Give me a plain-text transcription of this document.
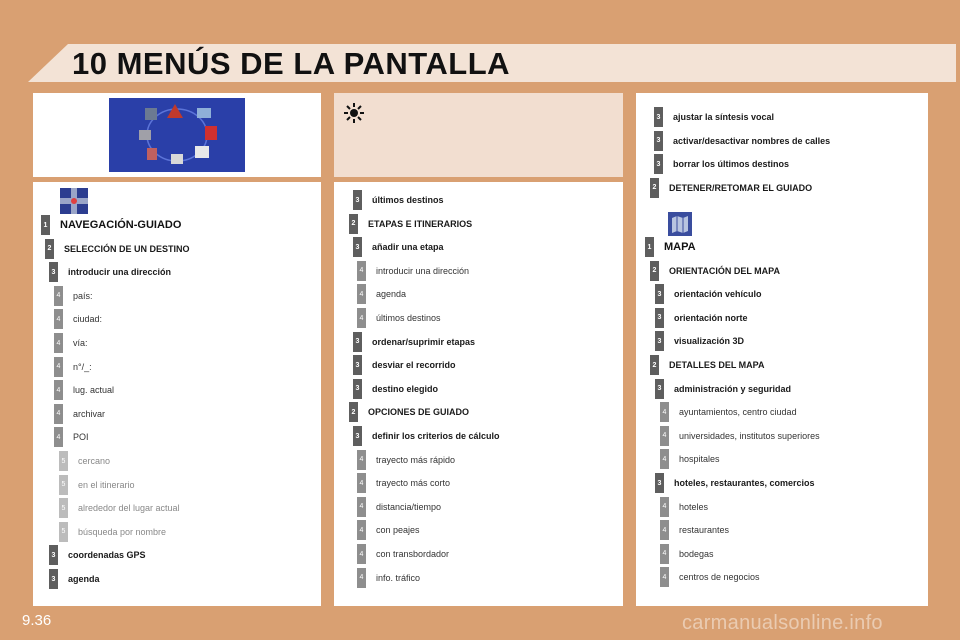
10 MENÚS DE LA PANTALLA
1 NAVEGACIÓN-GUIADO
2 SELECCIÓN DE UN DESTINO
3 introducir una dirección
4 país:
4 ciudad:
4 vía:
4 n°/_:
4 lug. actual
4 archivar
4 POI
5 cercano
5 en el itinerario
5 alrededor del lugar actual
5 búsqueda por nombre
3 coordenadas GPS
3 agenda
3 últimos destinos
2 ETAPAS E ITINERARIOS
3 añadir una etapa
4 introducir una dirección
4 agenda
4 últimos destinos
3 ordenar/suprimir etapas
3 desviar el recorrido
3 destino elegido
2 OPCIONES DE GUIADO
3 definir los criterios de cálculo
4 trayecto más rápido
4 trayecto más corto
4 distancia/tiempo
4 con peajes
4 con transbordador
4 info. tráfico
3 ajustar la síntesis vocal
3 activar/desactivar nombres de calles
3 borrar los últimos destinos
2 DETENER/RETOMAR EL GUIADO
1 MAPA
2 ORIENTACIÓN DEL MAPA
3 orientación vehículo
3 orientación norte
3 visualización 3D
2 DETALLES DEL MAPA
3 administración y seguridad
4 ayuntamientos, centro ciudad
4 universidades, institutos superiores
4 hospitales
3 hoteles, restaurantes, comercios
4 hoteles
4 restaurantes
4 bodegas
4 centros de negocios
9.36	carmanualsonline.info
